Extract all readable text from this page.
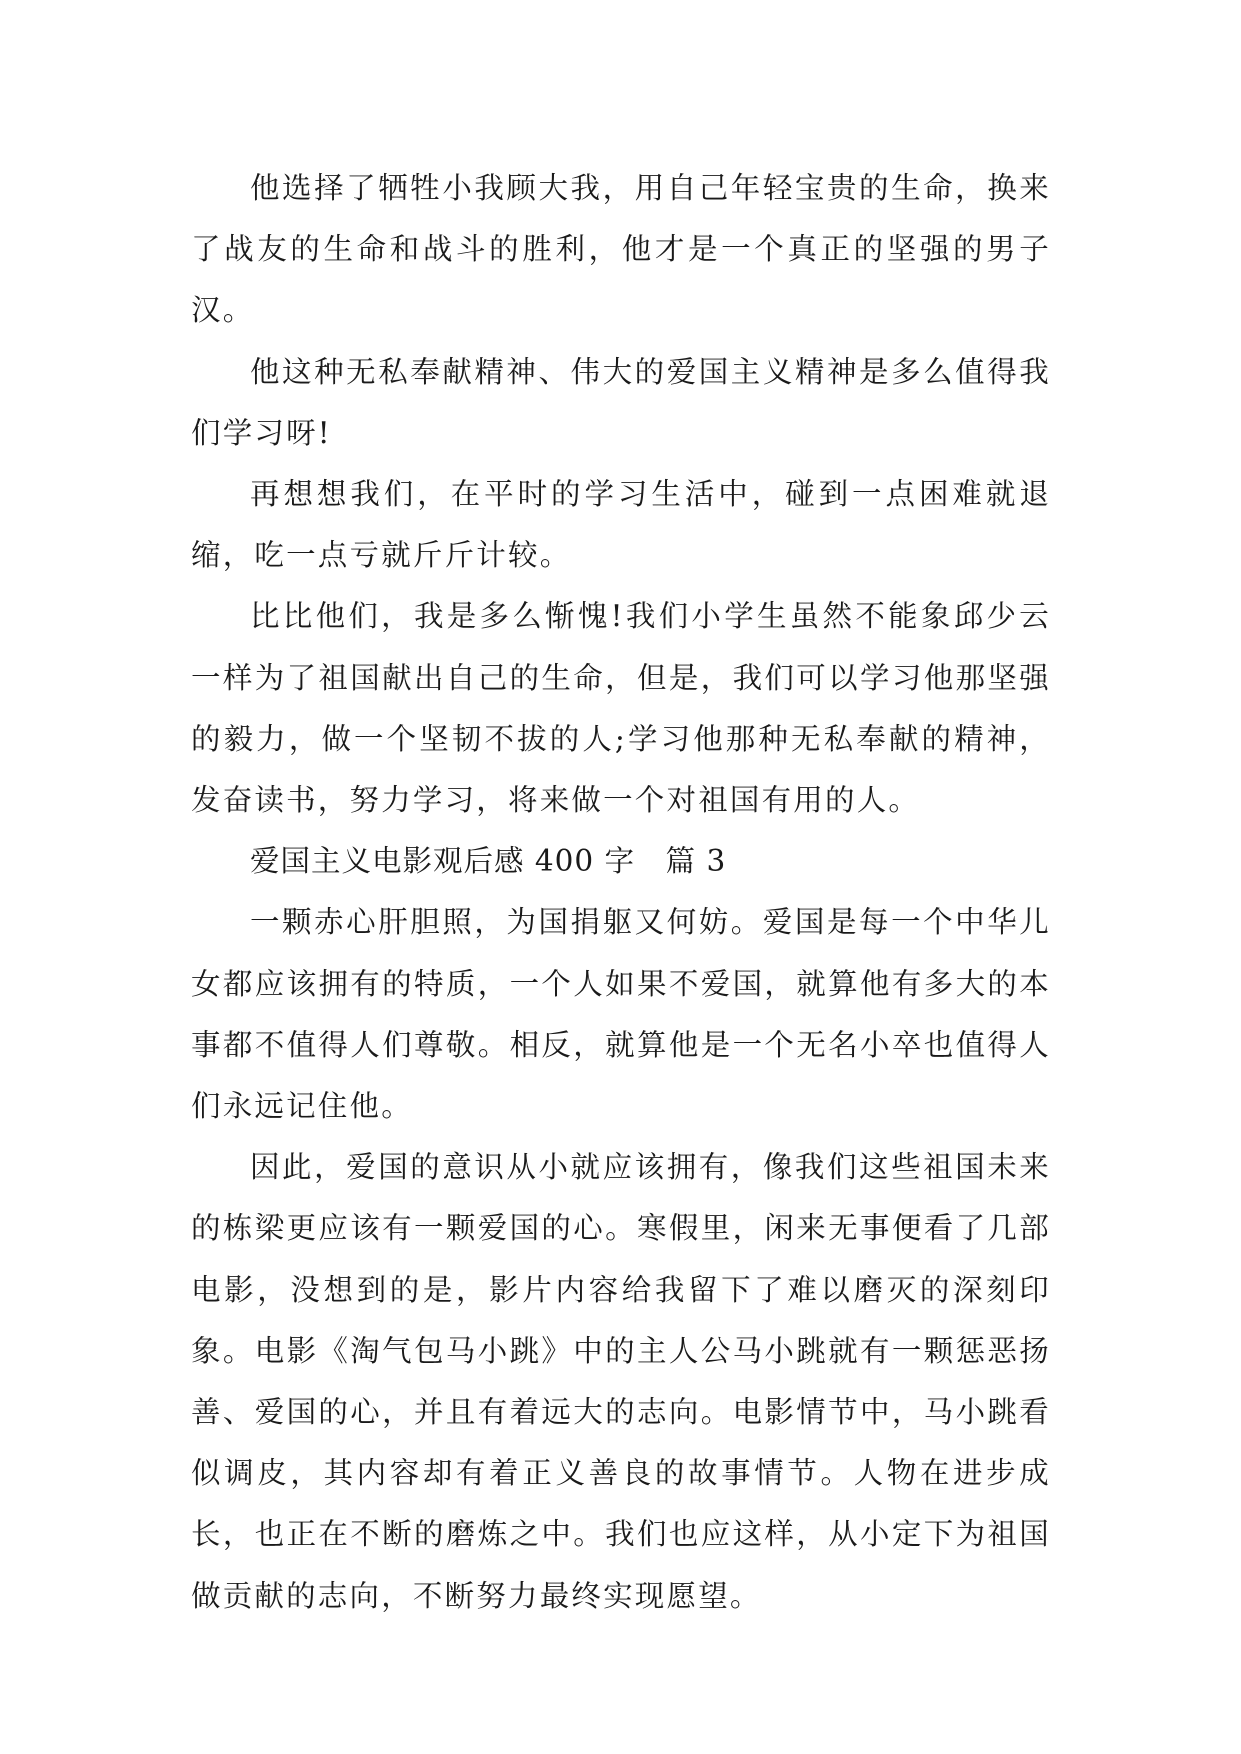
他选择了牺牲小我顾大我，用自己年轻宝贵的生命，换来了战友的生命和战斗的胜利，他才是一个真正的坚强的男子汉。

他这种无私奉献精神、伟大的爱国主义精神是多么值得我们学习呀!

再想想我们，在平时的学习生活中，碰到一点困难就退缩，吃一点亏就斤斤计较。

比比他们，我是多么惭愧!我们小学生虽然不能象邱少云一样为了祖国献出自己的生命，但是，我们可以学习他那坚强的毅力，做一个坚韧不拔的人;学习他那种无私奉献的精神，发奋读书，努力学习，将来做一个对祖国有用的人。

爱国主义电影观后感 400 字　篇 3

一颗赤心肝胆照，为国捐躯又何妨。爱国是每一个中华儿女都应该拥有的特质，一个人如果不爱国，就算他有多大的本事都不值得人们尊敬。相反，就算他是一个无名小卒也值得人们永远记住他。

因此，爱国的意识从小就应该拥有，像我们这些祖国未来的栋梁更应该有一颗爱国的心。寒假里，闲来无事便看了几部电影，没想到的是，影片内容给我留下了难以磨灭的深刻印象。电影《淘气包马小跳》中的主人公马小跳就有一颗惩恶扬善、爱国的心，并且有着远大的志向。电影情节中，马小跳看似调皮，其内容却有着正义善良的故事情节。人物在进步成长，也正在不断的磨炼之中。我们也应这样，从小定下为祖国做贡献的志向，不断努力最终实现愿望。
